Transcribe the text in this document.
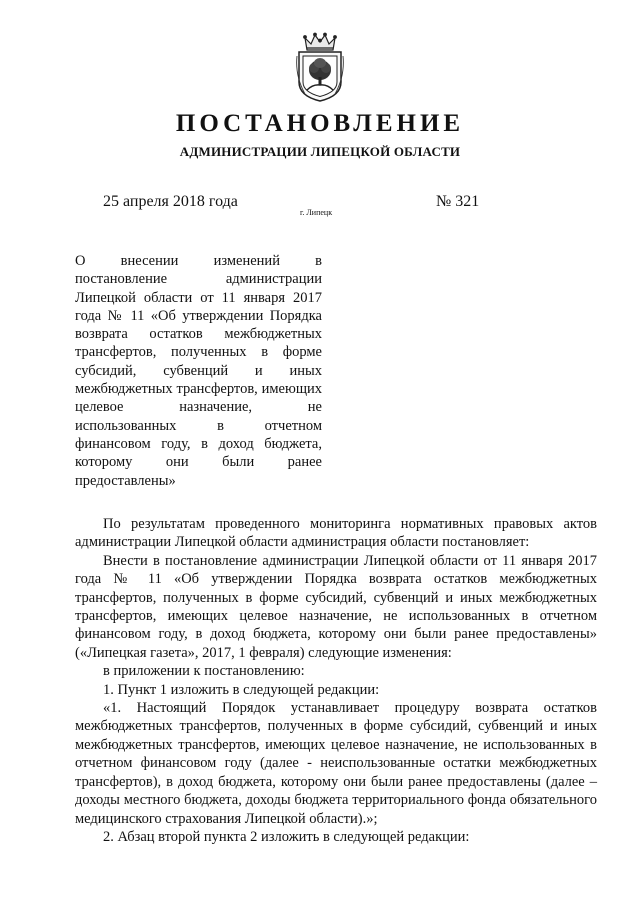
ПОСТАНОВЛЕНИЕ
АДМИНИСТРАЦИИ ЛИПЕЦКОЙ ОБЛАСТИ
25 апреля 2018 года
г. Липецк
№ 321

О внесении изменений в постановление администрации Липецкой области от 11 января 2017 года № 11 «Об утверждении Порядка возврата остатков межбюджетных трансфертов, полученных в форме субсидий, субвенций и иных межбюджетных трансфертов, имеющих целевое назначение, не использованных в отчетном финансовом году, в доход бюджета, которому они были ранее предоставлены»

По результатам проведенного мониторинга нормативных правовых актов администрации Липецкой области администрация области постановляет:

Внести в постановление администрации Липецкой области от 11 января 2017 года № 11 «Об утверждении Порядка возврата остатков межбюджетных трансфертов, полученных в форме субсидий, субвенций и иных межбюджетных трансфертов, имеющих целевое назначение, не использованных в отчетном финансовом году, в доход бюджета, которому они были ранее предоставлены» («Липецкая газета», 2017, 1 февраля) следующие изменения:

в приложении к постановлению:

1. Пункт 1 изложить в следующей редакции:

«1. Настоящий Порядок устанавливает процедуру возврата остатков межбюджетных трансфертов, полученных в форме субсидий, субвенций и иных межбюджетных трансфертов, имеющих целевое назначение, не использованных в отчетном финансовом году (далее - неиспользованные остатки межбюджетных трансфертов), в доход бюджета, которому они были ранее предоставлены (далее – доходы местного бюджета, доходы бюджета территориального фонда обязательного медицинского страхования Липецкой области).»;

2. Абзац второй пункта 2 изложить в следующей редакции:
